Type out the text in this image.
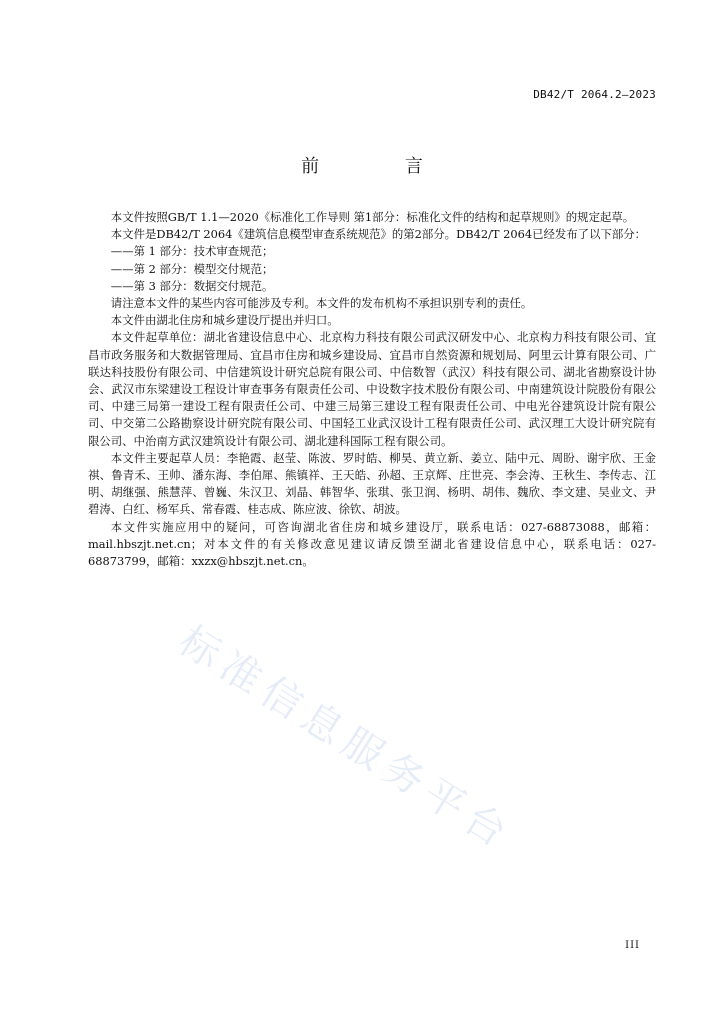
DB42/T 2064.2—2023
前 言

本文件按照GB/T 1.1—2020《标准化工作导则 第1部分：标准化文件的结构和起草规则》的规定起草。

本文件是DB42/T 2064《建筑信息模型审查系统规范》的第2部分。DB42/T 2064已经发布了以下部分：

——第 1 部分：技术审查规范；

——第 2 部分：模型交付规范；

——第 3 部分：数据交付规范。

请注意本文件的某些内容可能涉及专利。本文件的发布机构不承担识别专利的责任。

本文件由湖北住房和城乡建设厅提出并归口。

本文件起草单位：湖北省建设信息中心、北京构力科技有限公司武汉研发中心、北京构力科技有限公司、宜昌市政务服务和大数据管理局、宜昌市住房和城乡建设局、宜昌市自然资源和规划局、阿里云计算有限公司、广联达科技股份有限公司、中信建筑设计研究总院有限公司、中信数智（武汉）科技有限公司、湖北省勘察设计协会、武汉市东梁建设工程设计审查事务有限责任公司、中设数字技术股份有限公司、中南建筑设计院股份有限公司、中建三局第一建设工程有限责任公司、中建三局第三建设工程有限责任公司、中电光谷建筑设计院有限公司、中交第二公路勘察设计研究院有限公司、中国轻工业武汉设计工程有限责任公司、武汉理工大设计研究院有限公司、中治南方武汉建筑设计有限公司、湖北建科国际工程有限公司。

本文件主要起草人员：李艳霞、赵莹、陈波、罗时皓、柳昊、黄立新、姜立、陆中元、周盼、谢宇欣、王金祺、鲁青禾、王帅、潘东海、李伯犀、熊镇祥、王天皓、孙超、王京辉、庄世亮、李会涛、王秋生、李传志、江明、胡继强、熊慧萍、曾巍、朱汉卫、刘晶、韩智华、张琪、张卫润、杨明、胡伟、魏欣、李文建、吴业文、尹碧涛、白红、杨军兵、常春霞、桂志成、陈应波、徐钦、胡波。

本文件实施应用中的疑问，可咨询湖北省住房和城乡建设厅，联系电话：027-68873088，邮箱：mail.hbszjt.net.cn；对本文件的有关修改意见建议请反馈至湖北省建设信息中心，联系电话：027-68873799，邮箱：xxzx@hbszjt.net.cn。

标准信息服务平台
III
